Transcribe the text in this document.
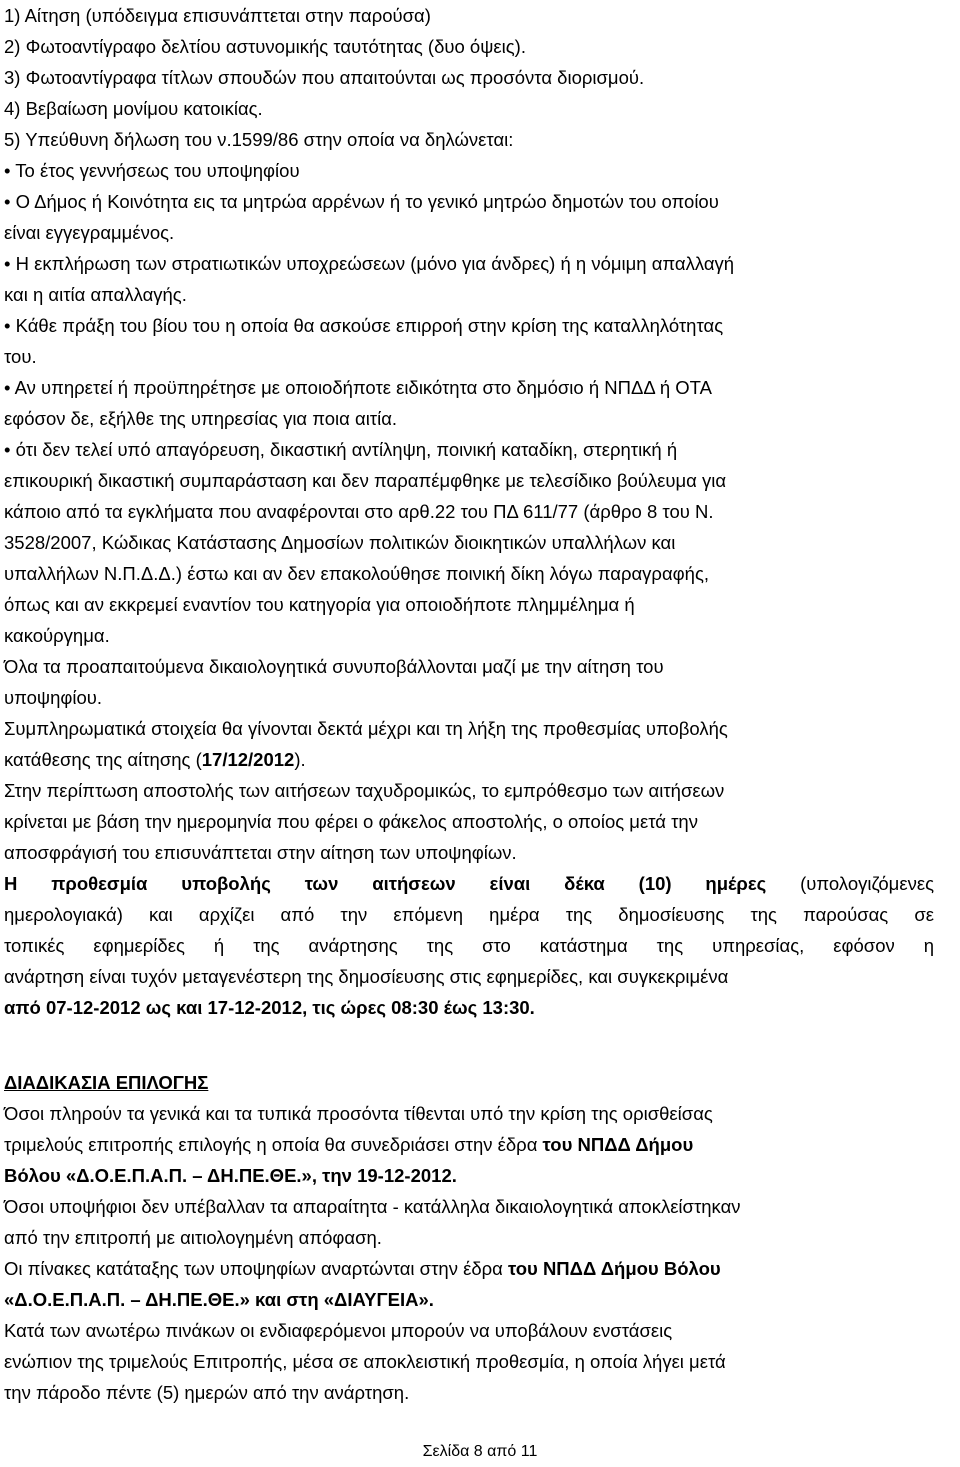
1) Αίτηση (υπόδειγμα επισυνάπτεται στην παρούσα)
2) Φωτοαντίγραφο δελτίου αστυνομικής ταυτότητας (δυο όψεις).
3) Φωτοαντίγραφα τίτλων σπουδών που απαιτούνται ως προσόντα διορισμού.
4) Βεβαίωση μονίμου κατοικίας.
5) Υπεύθυνη δήλωση του ν.1599/86 στην οποία να δηλώνεται:
• Το έτος γεννήσεως του υποψηφίου
• Ο Δήμος ή Κοινότητα εις τα μητρώα αρρένων ή το γενικό μητρώο δημοτών του οποίου
είναι εγγεγραμμένος.
• Η εκπλήρωση των στρατιωτικών υποχρεώσεων (μόνο για άνδρες) ή η νόμιμη απαλλαγή
και η αιτία απαλλαγής.
• Κάθε πράξη του βίου του η οποία θα ασκούσε επιρροή στην κρίση της καταλληλότητας
του.
• Αν υπηρετεί ή προϋπηρέτησε με οποιοδήποτε ειδικότητα στο δημόσιο ή ΝΠΔΔ ή ΟΤΑ
εφόσον δε, εξήλθε της υπηρεσίας για ποια αιτία.
• ότι δεν τελεί υπό απαγόρευση, δικαστική αντίληψη, ποινική καταδίκη, στερητική ή
επικουρική δικαστική συμπαράσταση και δεν παραπέμφθηκε με τελεσίδικο βούλευμα για
κάποιο από τα εγκλήματα που αναφέρονται στο αρθ.22 του ΠΔ 611/77 (άρθρο 8 του Ν.
3528/2007, Κώδικας Κατάστασης Δημοσίων πολιτικών διοικητικών υπαλλήλων και
υπαλλήλων Ν.Π.Δ.Δ.) έστω και αν δεν επακολούθησε ποινική δίκη λόγω παραγραφής,
όπως και αν εκκρεμεί εναντίον του κατηγορία για οποιοδήποτε πλημμέλημα ή
κακούργημα.
Όλα τα προαπαιτούμενα δικαιολογητικά συνυποβάλλονται μαζί με την αίτηση του
υποψηφίου.
Συμπληρωματικά στοιχεία θα γίνονται δεκτά μέχρι και τη λήξη της προθεσμίας υποβολής
κατάθεσης της αίτησης (17/12/2012).
Στην περίπτωση αποστολής των αιτήσεων ταχυδρομικώς, το εμπρόθεσμο των αιτήσεων
κρίνεται με βάση την ημερομηνία που φέρει ο φάκελος αποστολής, ο οποίος μετά την
αποσφράγισή του επισυνάπτεται στην αίτηση των υποψηφίων.
Η προθεσμία υποβολής των αιτήσεων είναι δέκα (10) ημέρες (υπολογιζόμενες
ημερολογιακά) και αρχίζει από την επόμενη ημέρα της δημοσίευσης της παρούσας σε
τοπικές εφημερίδες ή της ανάρτησης της στο κατάστημα της υπηρεσίας, εφόσον η
ανάρτηση είναι τυχόν μεταγενέστερη της δημοσίευσης στις εφημερίδες, και συγκεκριμένα
από 07-12-2012 ως και 17-12-2012, τις ώρες 08:30 έως 13:30.
ΔΙΑΔΙΚΑΣΙΑ ΕΠΙΛΟΓΗΣ
Όσοι πληρούν τα γενικά και τα τυπικά προσόντα τίθενται υπό την κρίση της ορισθείσας
τριμελούς επιτροπής επιλογής η οποία θα συνεδριάσει στην έδρα του ΝΠΔΔ Δήμου
Βόλου «Δ.Ο.Ε.Π.Α.Π. – ΔΗ.ΠΕ.ΘΕ.», την 19-12-2012.
Όσοι υποψήφιοι δεν υπέβαλλαν τα απαραίτητα - κατάλληλα δικαιολογητικά αποκλείστηκαν
από την επιτροπή με αιτιολογημένη απόφαση.
Οι πίνακες κατάταξης των υποψηφίων αναρτώνται στην έδρα του ΝΠΔΔ Δήμου Βόλου
«Δ.Ο.Ε.Π.Α.Π. – ΔΗ.ΠΕ.ΘΕ.» και στη «ΔΙΑΥΓΕΙΑ».
Κατά των ανωτέρω πινάκων οι ενδιαφερόμενοι μπορούν να υποβάλουν ενστάσεις
ενώπιον της τριμελούς Επιτροπής, μέσα σε αποκλειστική προθεσμία, η οποία λήγει μετά
την πάροδο πέντε (5) ημερών από την ανάρτηση.
Σελίδα 8 από 11
